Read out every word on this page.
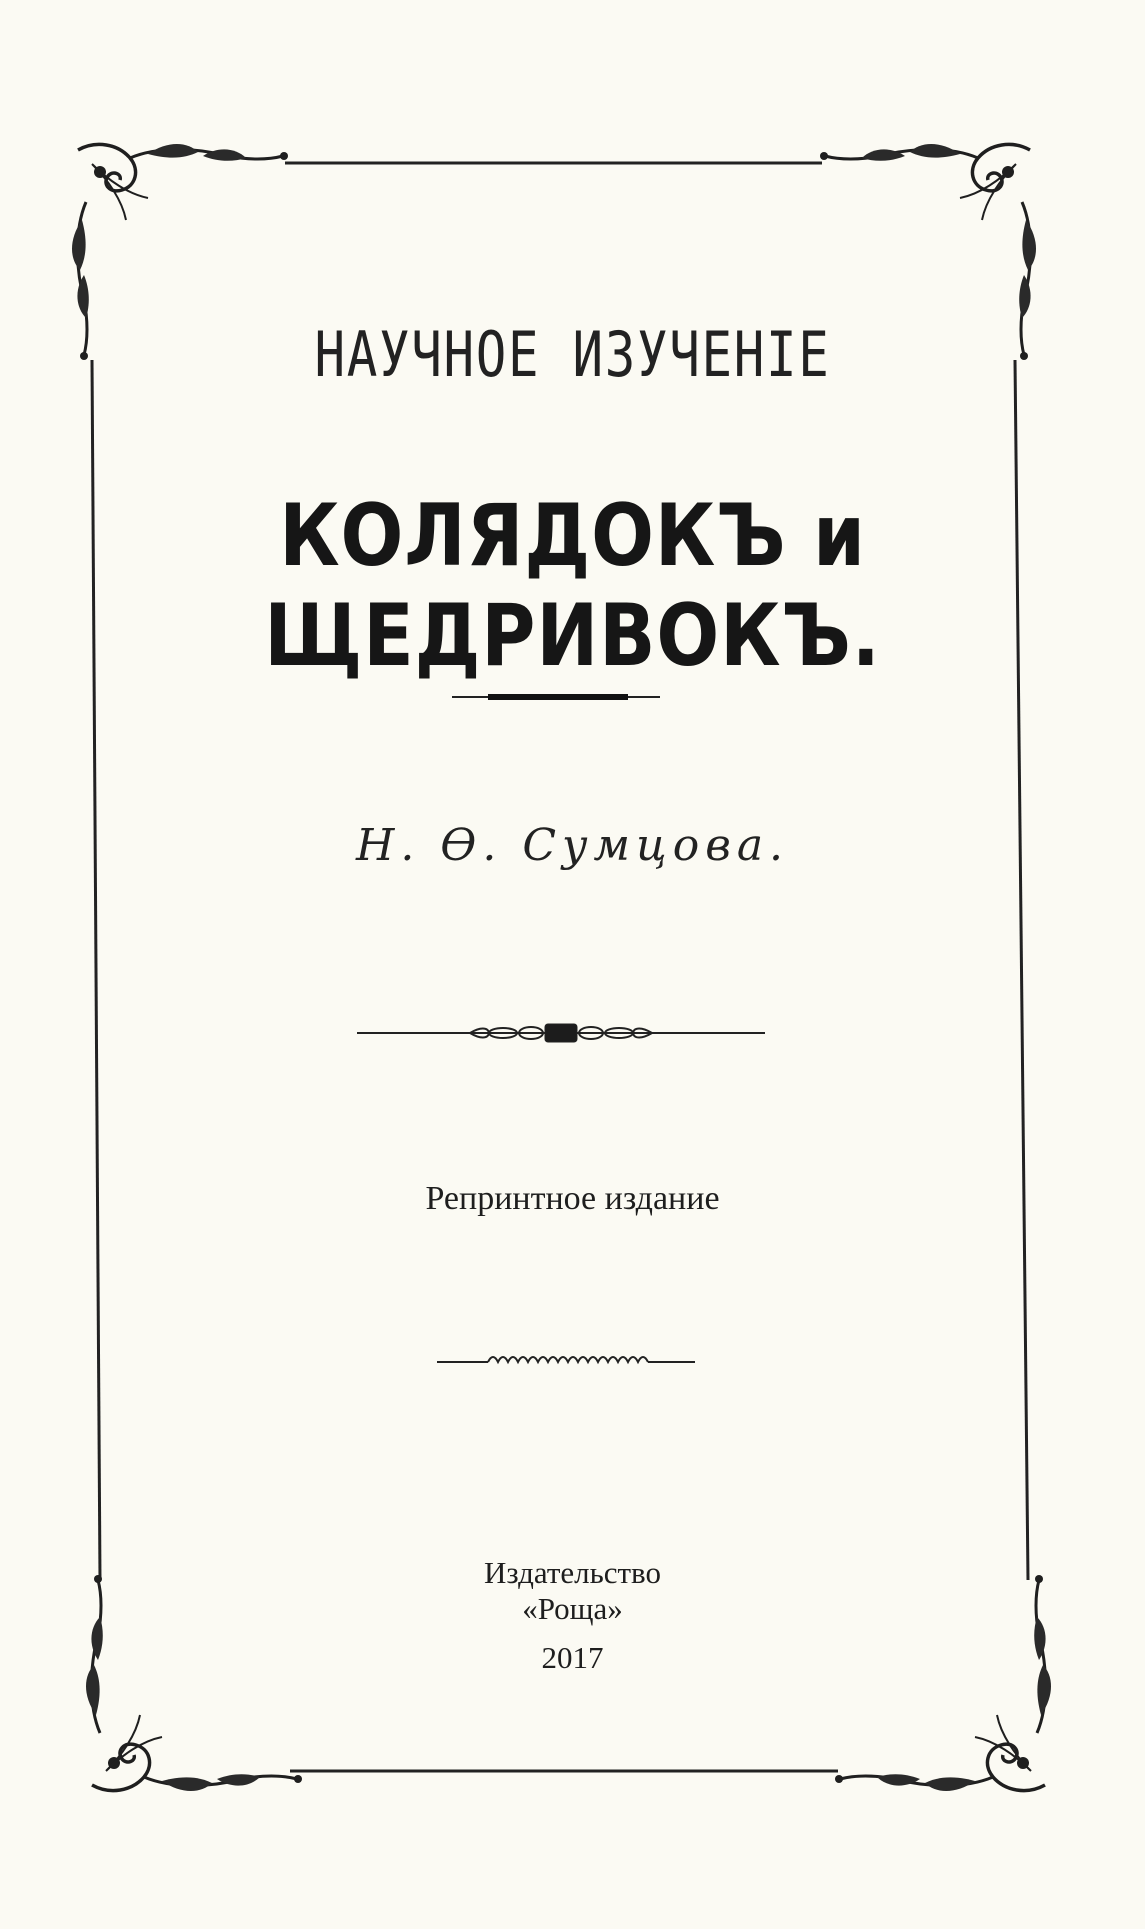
НАУЧНОЕ ИЗУЧЕНІЕ
КОЛЯДОКЪ и ЩЕДРИВОКЪ.

Н. Ѳ. Сумцова.

Репринтное издание

Издательство
«Роща»

2017
